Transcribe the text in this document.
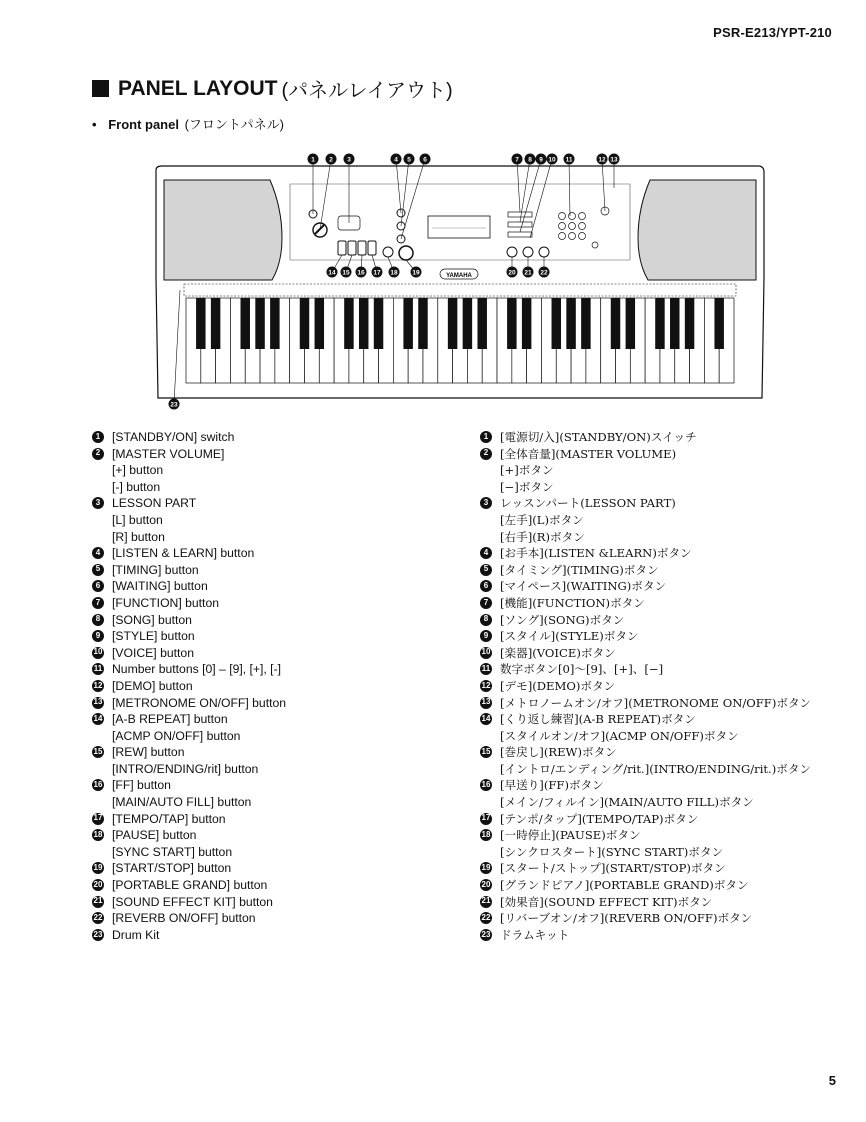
PSR-E213/YPT-210
PANEL LAYOUT (パネルレイアウト)
• Front panel (フロントパネル)
YAMAHA
1 2 3	4 5 6	7 8 9 10 11	12 13
14 15 16 17 18 19	20 21 22
23
1 [STANDBY/ON] switch
2 [MASTER VOLUME]
[+] button
[-] button
3 LESSON PART
[L] button
[R] button
4 [LISTEN & LEARN] button
5 [TIMING] button
6 [WAITING] button
7 [FUNCTION] button
8 [SONG] button
9 [STYLE] button
10 [VOICE] button
11 Number buttons [0] – [9], [+], [-]
12 [DEMO] button
13 [METRONOME ON/OFF] button
14 [A-B REPEAT] button
[ACMP ON/OFF] button
15 [REW] button
[INTRO/ENDING/rit] button
16 [FF] button
[MAIN/AUTO FILL] button
17 [TEMPO/TAP] button
18 [PAUSE] button
[SYNC START] button
19 [START/STOP] button
20 [PORTABLE GRAND] button
21 [SOUND EFFECT KIT] button
22 [REVERB ON/OFF] button
23 Drum Kit
1	[電源切/入](STANDBY/ON)スイッチ
2	[全体音量](MASTER VOLUME)
[+]ボタン
[−]ボタン
3	レッスンパート(LESSON PART)
[左手](L)ボタン
[右手](R)ボタン
4	[お手本](LISTEN &LEARN)ボタン
5	[タイミング](TIMING)ボタン
6	[マイペース](WAITING)ボタン
7	[機能](FUNCTION)ボタン
8	[ソング](SONG)ボタン
9	[スタイル](STYLE)ボタン
10 [楽器](VOICE)ボタン
11 数字ボタン[0]〜[9]、[+]、[−]
12 [デモ](DEMO)ボタン
13 [メトロノームオン/オフ](METRONOME ON/OFF)ボタン
14 [くり返し練習](A-B REPEAT)ボタン
[スタイルオン/オフ](ACMP ON/OFF)ボタン
15 [巻戻し](REW)ボタン
[イントロ/エンディング/rit.](INTRO/ENDING/rit.)ボタン
16 [早送り](FF)ボタン
[メイン/フィルイン](MAIN/AUTO FILL)ボタン
17 [テンポ/タップ](TEMPO/TAP)ボタン
18 [一時停止](PAUSE)ボタン
[シンクロスタート](SYNC START)ボタン
19 [スタート/ストップ](START/STOP)ボタン
20 [グランドピアノ](PORTABLE GRAND)ボタン
21 [効果音](SOUND EFFECT KIT)ボタン
22 [リバーブオン/オフ](REVERB ON/OFF)ボタン
23 ドラムキット
5
